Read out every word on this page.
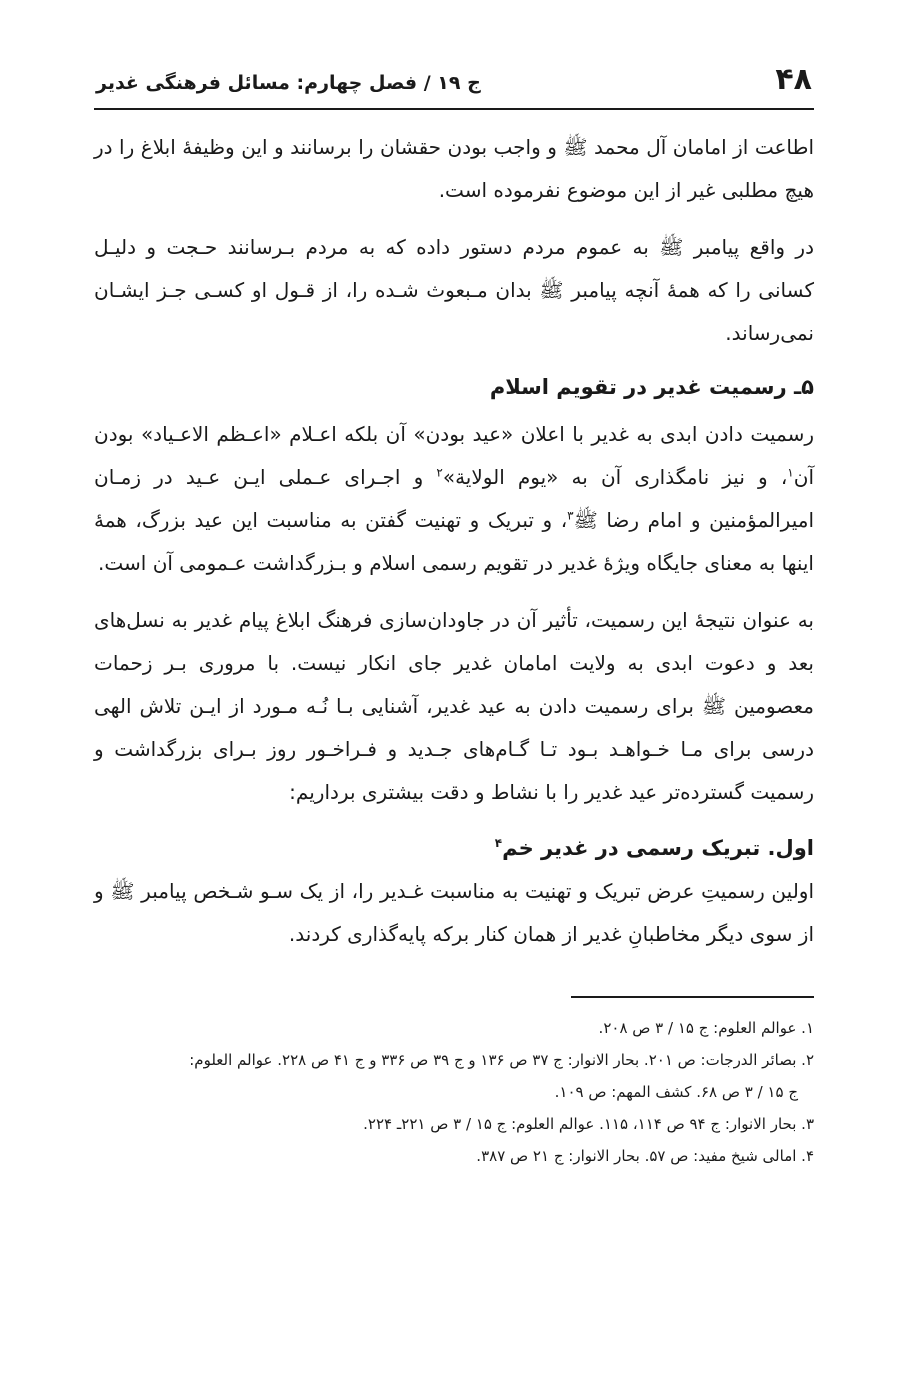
۴۸
ج ۱۹ / فصل چهارم: مسائل فرهنگی غدیر

اطاعت از امامان آل محمد ﷺ و واجب بودن حقشان را برسانند و این وظیفۀ ابلاغ را در هیچ مطلبی غیر از این موضوع نفرموده است.

در واقع پیامبر ﷺ به عموم مردم دستور داده که به مردم بـرسانند حـجت و دلیـل کسانی را که همۀ آنچه پیامبر ﷺ بدان مـبعوث شـده را، از قـول او کسـی جـز ایشـان نمی‌رساند.

۵ـ رسمیت غدیر در تقویم اسلام

رسمیت دادن ابدی به غدیر با اعلان «عید بودن» آن بلکه اعـلام «اعـظم الاعـیاد» بودن آن$^۱$، و نیز نامگذاری آن به «یوم الولایة»$^۲$ و اجـرای عـملی ایـن عـید در زمـان امیرالمؤمنین و امام رضا ﷺ$^۳$، و تبریک و تهنیت گفتن به مناسبت این عید بزرگ، همۀ اینها به معنای جایگاه ویژۀ غدیر در تقویم رسمی اسلام و بـزرگداشت عـمومی آن است.

به عنوان نتیجۀ این رسمیت، تأثیر آن در جاودان‌سازی فرهنگ ابلاغ پیام غدیر به نسل‌های بعد و دعوت ابدی به ولایت امامان غدیر جای انکار نیست. با مروری بـر زحمات معصومین ﷺ برای رسمیت دادن به عید غدیر، آشنایی بـا نُـه مـورد از ایـن تلاش الهی درسی برای مـا خـواهـد بـود تـا گـام‌های جـدید و فـراخـور روز بـرای بزرگداشت و رسمیت گسترده‌تر عید غدیر را با نشاط و دقت بیشتری برداریم:

اول. تبریک رسمی در غدیر خم$^۴$

اولین رسمیتِ عرض تبریک و تهنیت به مناسبت غـدیر را، از یک سـو شـخص پیامبر ﷺ و از سوی دیگر مخاطبانِ غدیر از همان کنار برکه پایه‌گذاری کردند.

۱. عوالم العلوم: ج ۱۵ / ۳ ص ۲۰۸.

۲. بصائر الدرجات: ص ۲۰۱. بحار الانوار: ج ۳۷ ص ۱۳۶ و ج ۳۹ ص ۳۳۶ و ج ۴۱ ص ۲۲۸. عوالم العلوم:

ج ۱۵ / ۳ ص ۶۸. کشف المهم: ص ۱۰۹.

۳. بحار الانوار: ج ۹۴ ص ۱۱۴، ۱۱۵. عوالم العلوم: ج ۱۵ / ۳ ص ۲۲۱ـ ۲۲۴.

۴. امالی شیخ مفید: ص ۵۷. بحار الانوار: ج ۲۱ ص ۳۸۷.
